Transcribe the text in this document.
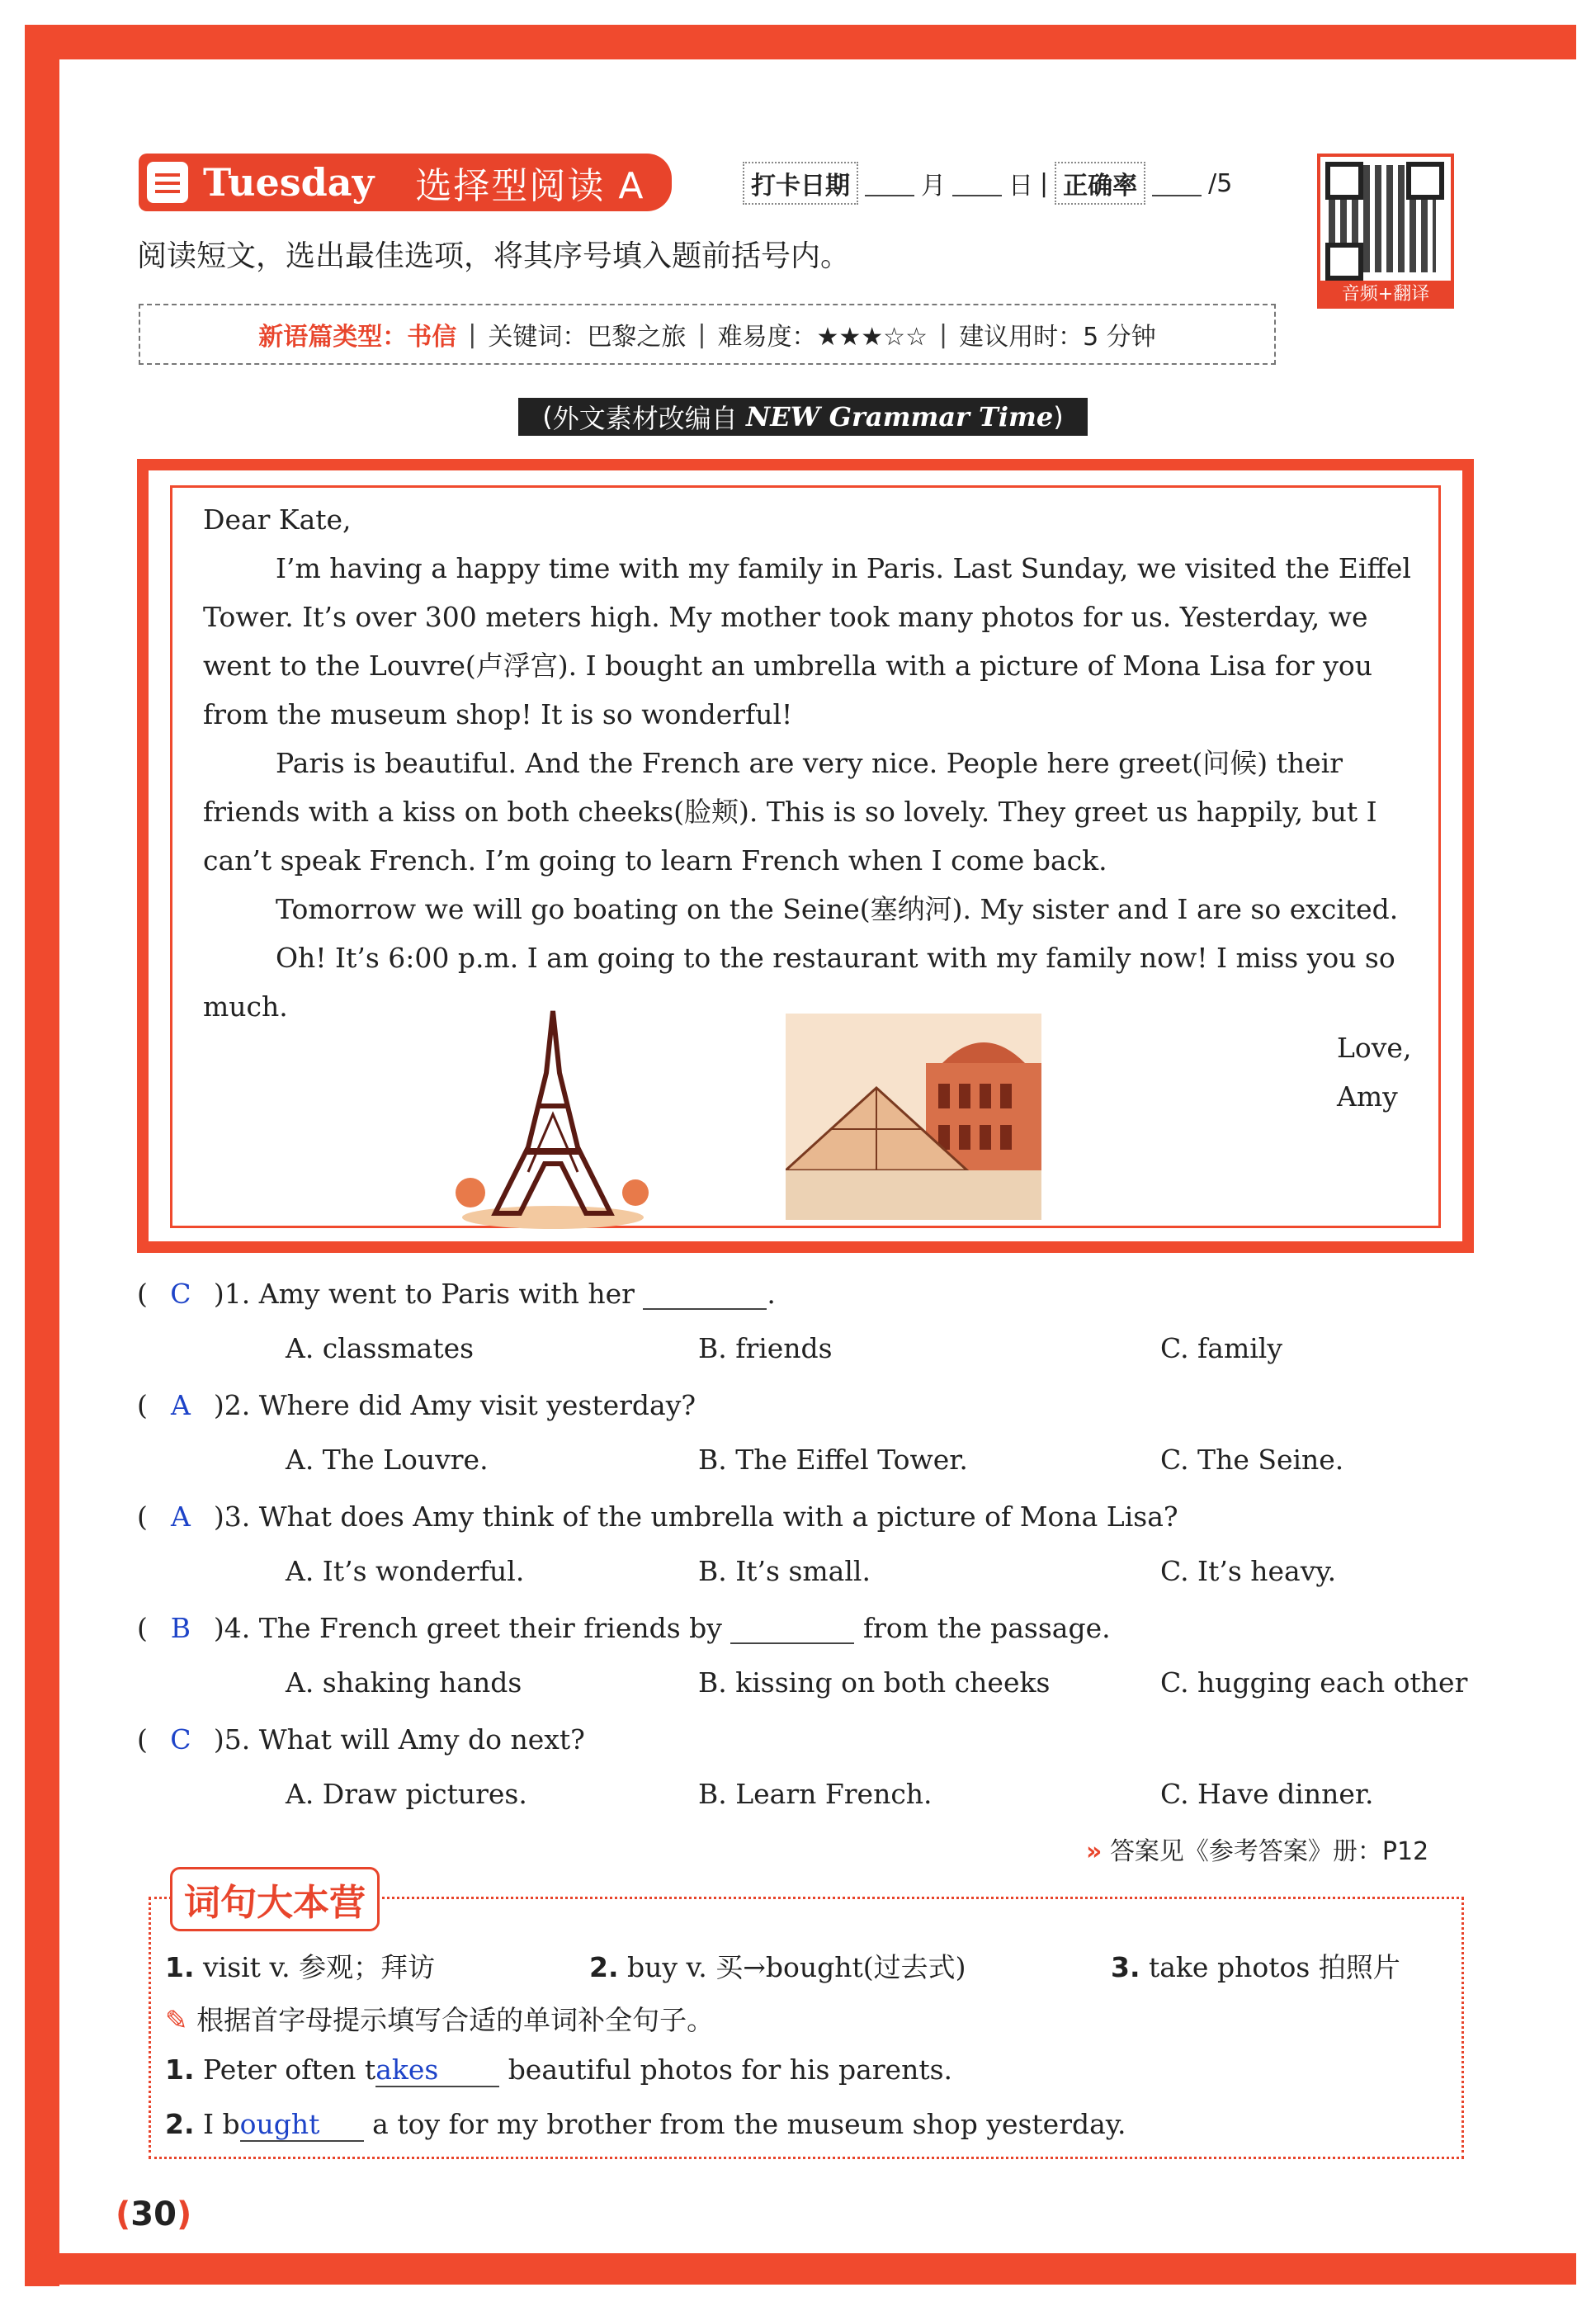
Tuesday 选择型阅读 A	打卡日期	月	日 | 正确率	/5
音频+翻译
阅读短文，选出最佳选项，将其序号填入题前括号内。
新语篇类型：书信 | 关键词：巴黎之旅 | 难易度：★★★☆☆ | 建议用时：5 分钟
( 外文素材改编自
NEW Grammar Time )

Dear Kate,

I’m having a happy time with my family in Paris. Last Sunday, we visited the Eiffel Tower. It’s over 300 meters high. My mother took many photos for us. Yesterday, we went to the Louvre(卢浮宫). I bought an umbrella with a picture of Mona Lisa for you from the museum shop! It is so wonderful!

Paris is beautiful. And the French are very nice. People here greet(问候) their friends with a kiss on both cheeks(脸颊). This is so lovely. They greet us happily, but I can’t speak French. I’m going to learn French when I come back.

Tomorrow we will go boating on the Seine(塞纳河). My sister and I are so excited.

Oh! It’s 6:00 p.m. I am going to the restaurant with my family now! I miss you so much.

Love,
Amy
( C )1. Amy went to Paris with her	.
A. classmates	B. friends	C. family
( A )2. Where did Amy visit yesterday?
A. The Louvre.	B. The Eiffel Tower.	C. The Seine.
( A )3. What does Amy think of the umbrella with a picture of Mona Lisa?
A. It’s wonderful.	B. It’s small.	C. It’s heavy.
( B )4. The French greet their friends by	from the passage.
A. shaking hands	B. kissing on both cheeks	C. hugging each other
( C )5. What will Amy do next?
A. Draw pictures.	B. Learn French.	C. Have dinner.
» 答案见《参考答案》册：P12
词句大本营
1. visit v. 参观；拜访	2. buy v. 买→bought(过去式)	3. take photos 拍照片
✎ 根据首字母提示填写合适的单词补全句子。
1. Peter often takes	beautiful photos for his parents.
2. I bought a toy for my brother from the museum shop yesterday.
(30)
